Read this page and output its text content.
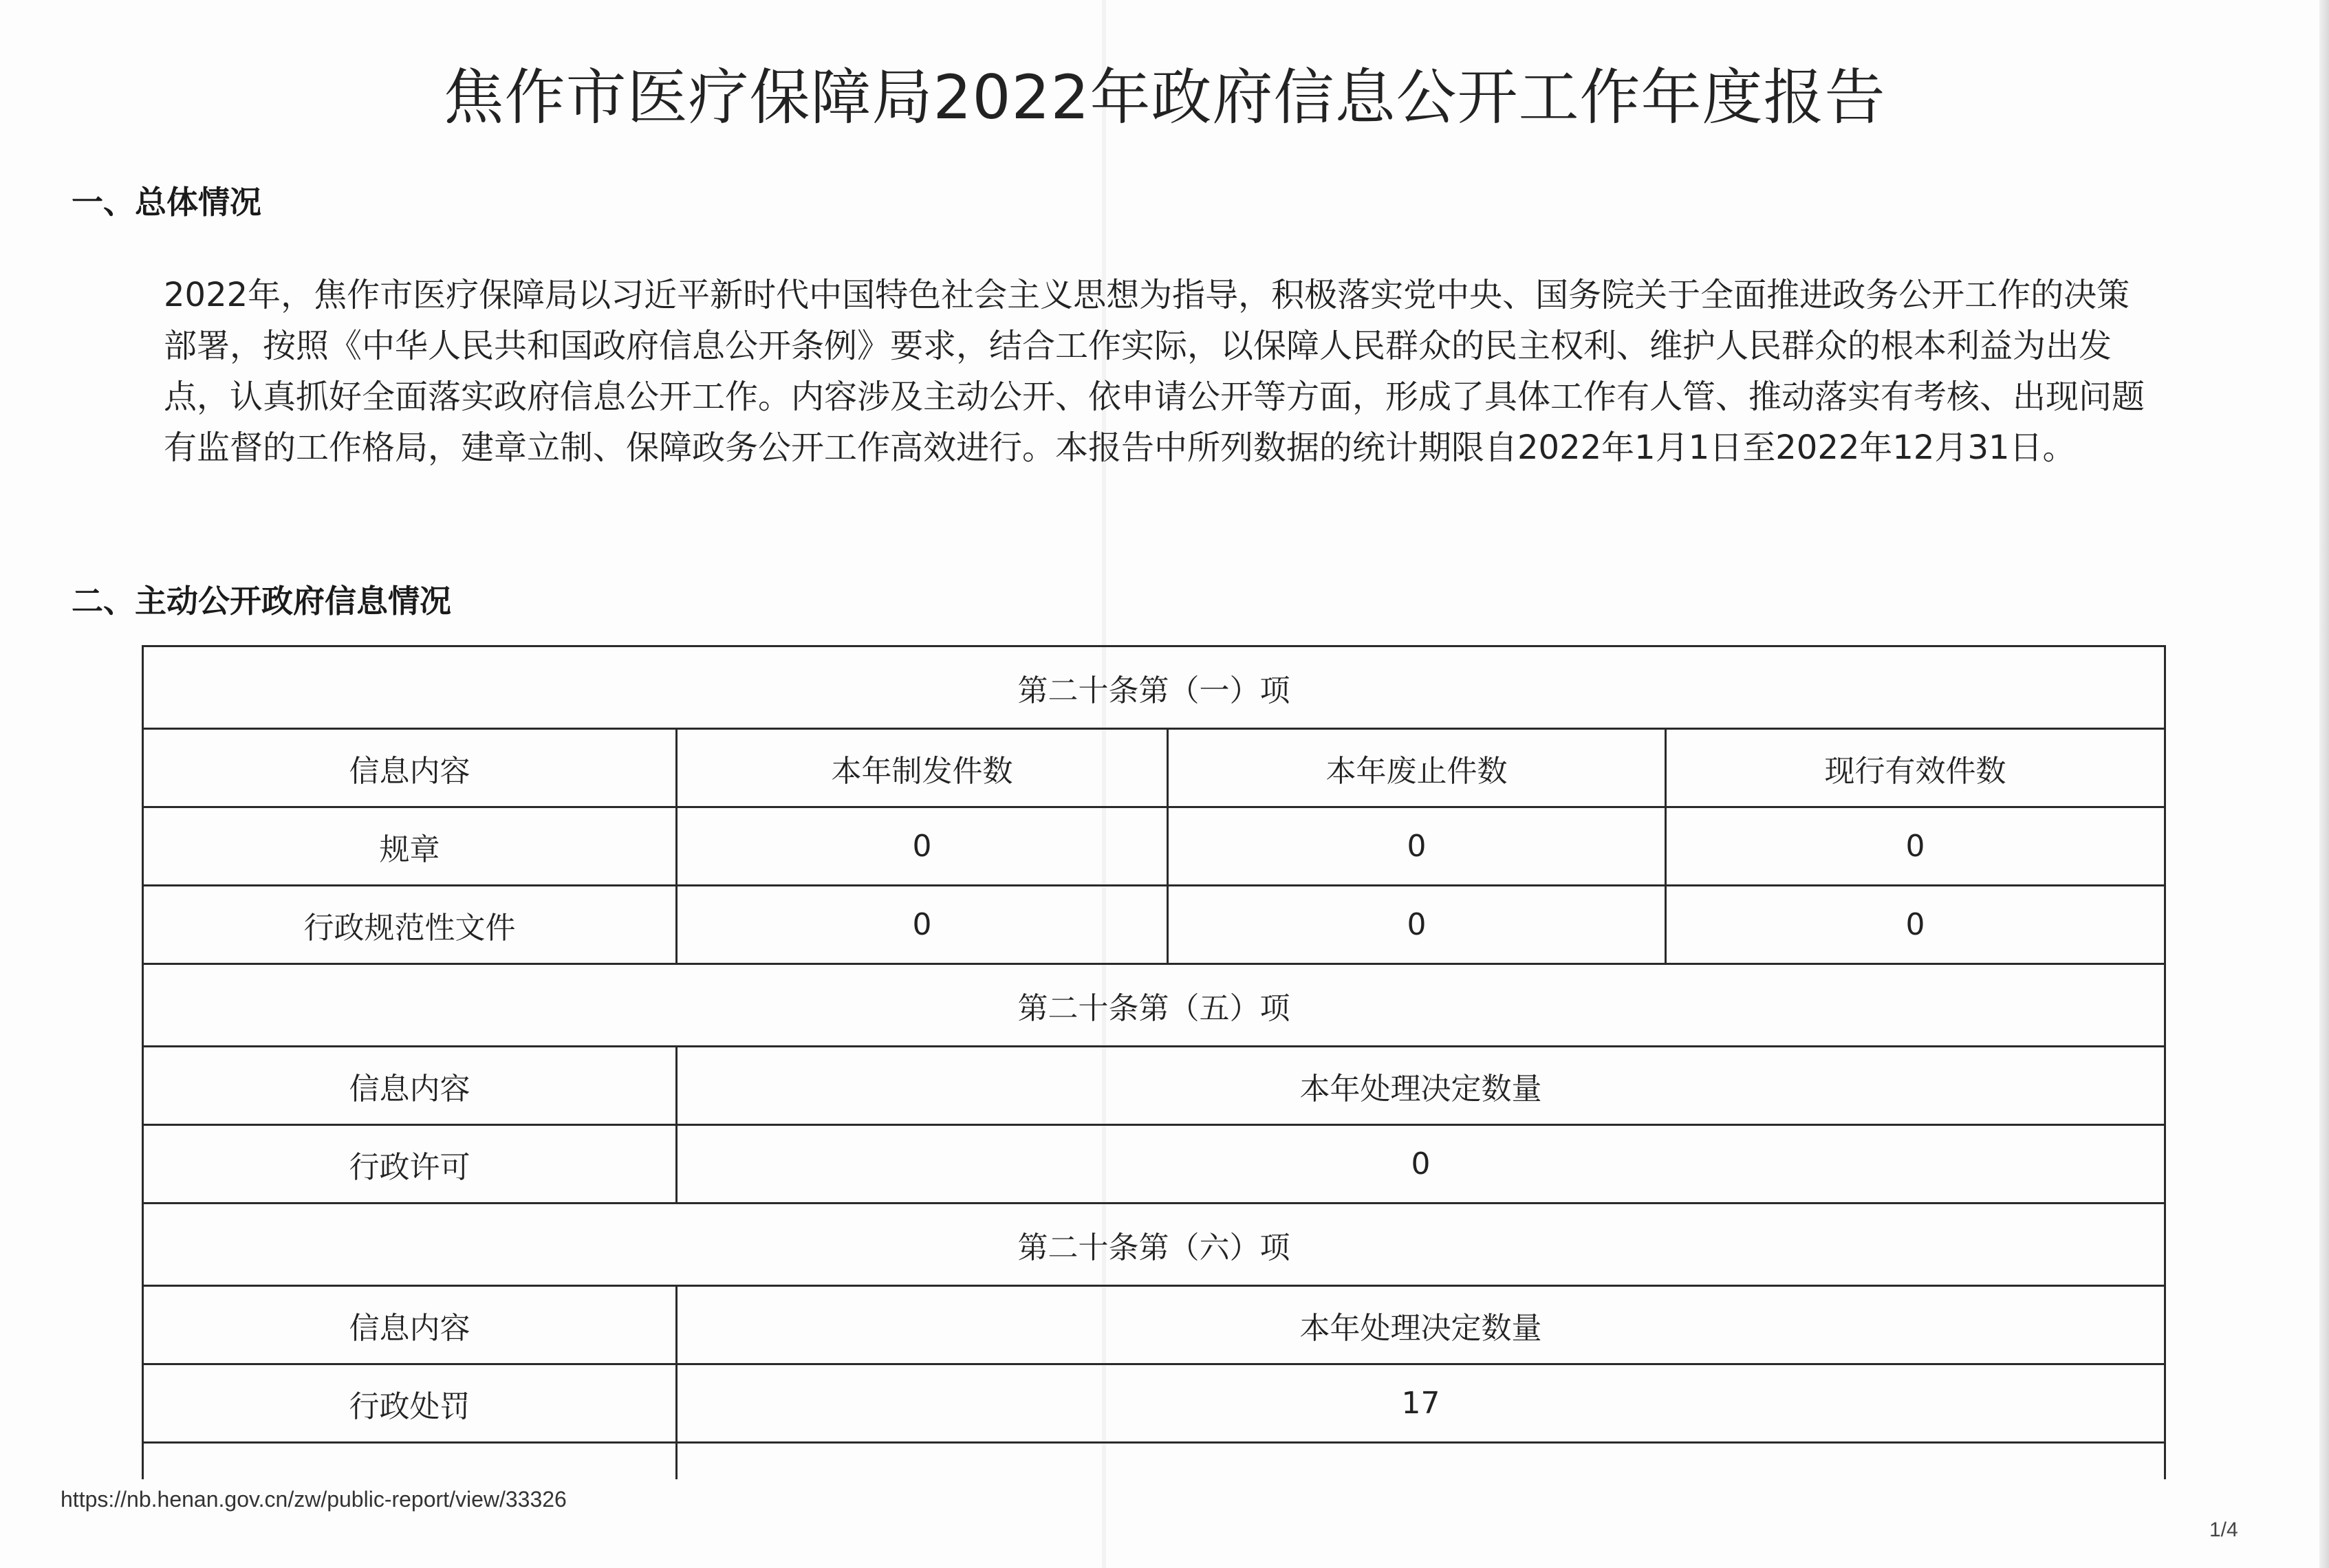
焦作市医疗保障局2022年政府信息公开工作年度报告
一、总体情况

2022年，焦作市医疗保障局以习近平新时代中国特色社会主义思想为指导，积极落实党中央、国务院关于全面推进政务公开工作的决策部署，按照《中华人民共和国政府信息公开条例》要求，结合工作实际，以保障人民群众的民主权利、维护人民群众的根本利益为出发点，认真抓好全面落实政府信息公开工作。内容涉及主动公开、依申请公开等方面，形成了具体工作有人管、推动落实有考核、出现问题有监督的工作格局，建章立制、保障政务公开工作高效进行。本报告中所列数据的统计期限自2022年1月1日至2022年12月31日。

二、主动公开政府信息情况
第二十条第（一）项			
信息内容	本年制发件数	本年废止件数	现行有效件数
规章	0	0	0
行政规范性文件	0	0	0
第二十条第（五）项			
信息内容	本年处理决定数量		
行政许可	0		
第二十条第（六）项			
信息内容	本年处理决定数量		
行政处罚	17		

https://nb.henan.gov.cn/zw/public-report/view/33326
1/4
